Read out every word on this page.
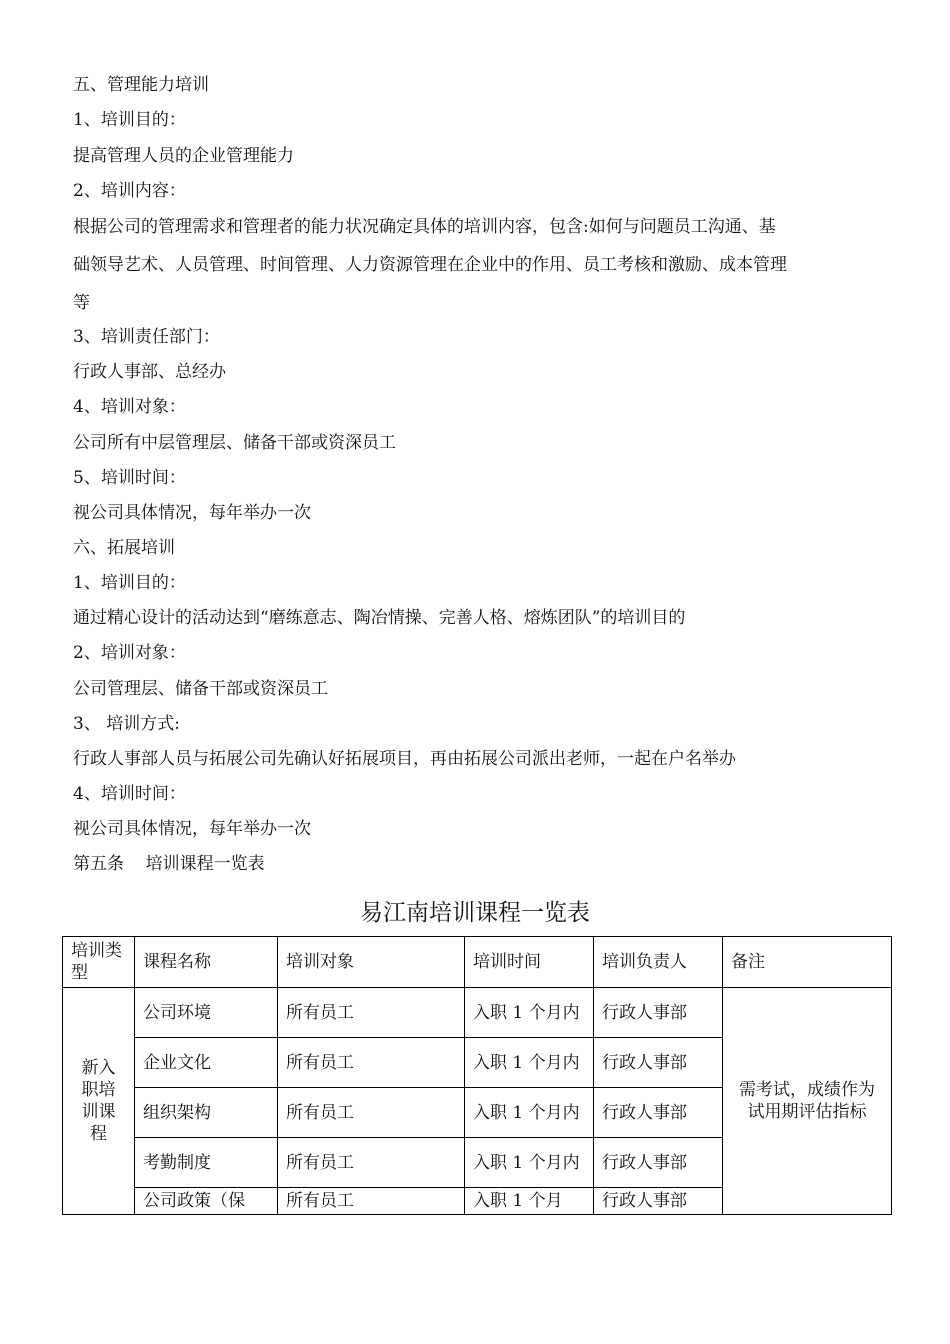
五、管理能力培训
1、培训目的：
提高管理人员的企业管理能力
2、培训内容：
根据公司的管理需求和管理者的能力状况确定具体的培训内容，包含:如何与问题员工沟通、基
础领导艺术、人员管理、时间管理、人力资源管理在企业中的作用、员工考核和激励、成本管理
等
3、培训责任部门：
行政人事部、总经办
4、培训对象：
公司所有中层管理层、储备干部或资深员工
5、培训时间：
视公司具体情况，每年举办一次
六、拓展培训
1、培训目的：
通过精心设计的活动达到“磨练意志、陶冶情操、完善人格、熔炼团队”的培训目的
2、培训对象：
公司管理层、储备干部或资深员工
3、 培训方式:
行政人事部人员与拓展公司先确认好拓展项目，再由拓展公司派出老师，一起在户名举办
4、培训时间：
视公司具体情况，每年举办一次
第五条    培训课程一览表
易江南培训课程一览表
培训类型	课程名称	培训对象	培训时间	培训负责人	备注
新入职培训课程	公司环境	所有员工	入职 1 个月内	行政人事部	需考试，成绩作为试用期评估指标
	企业文化	所有员工	入职 1 个月内	行政人事部	
	组织架构	所有员工	入职 1 个月内	行政人事部	
	考勤制度	所有员工	入职 1 个月内	行政人事部	
	公司政策（保	所有员工	入职 1 个月	行政人事部	
